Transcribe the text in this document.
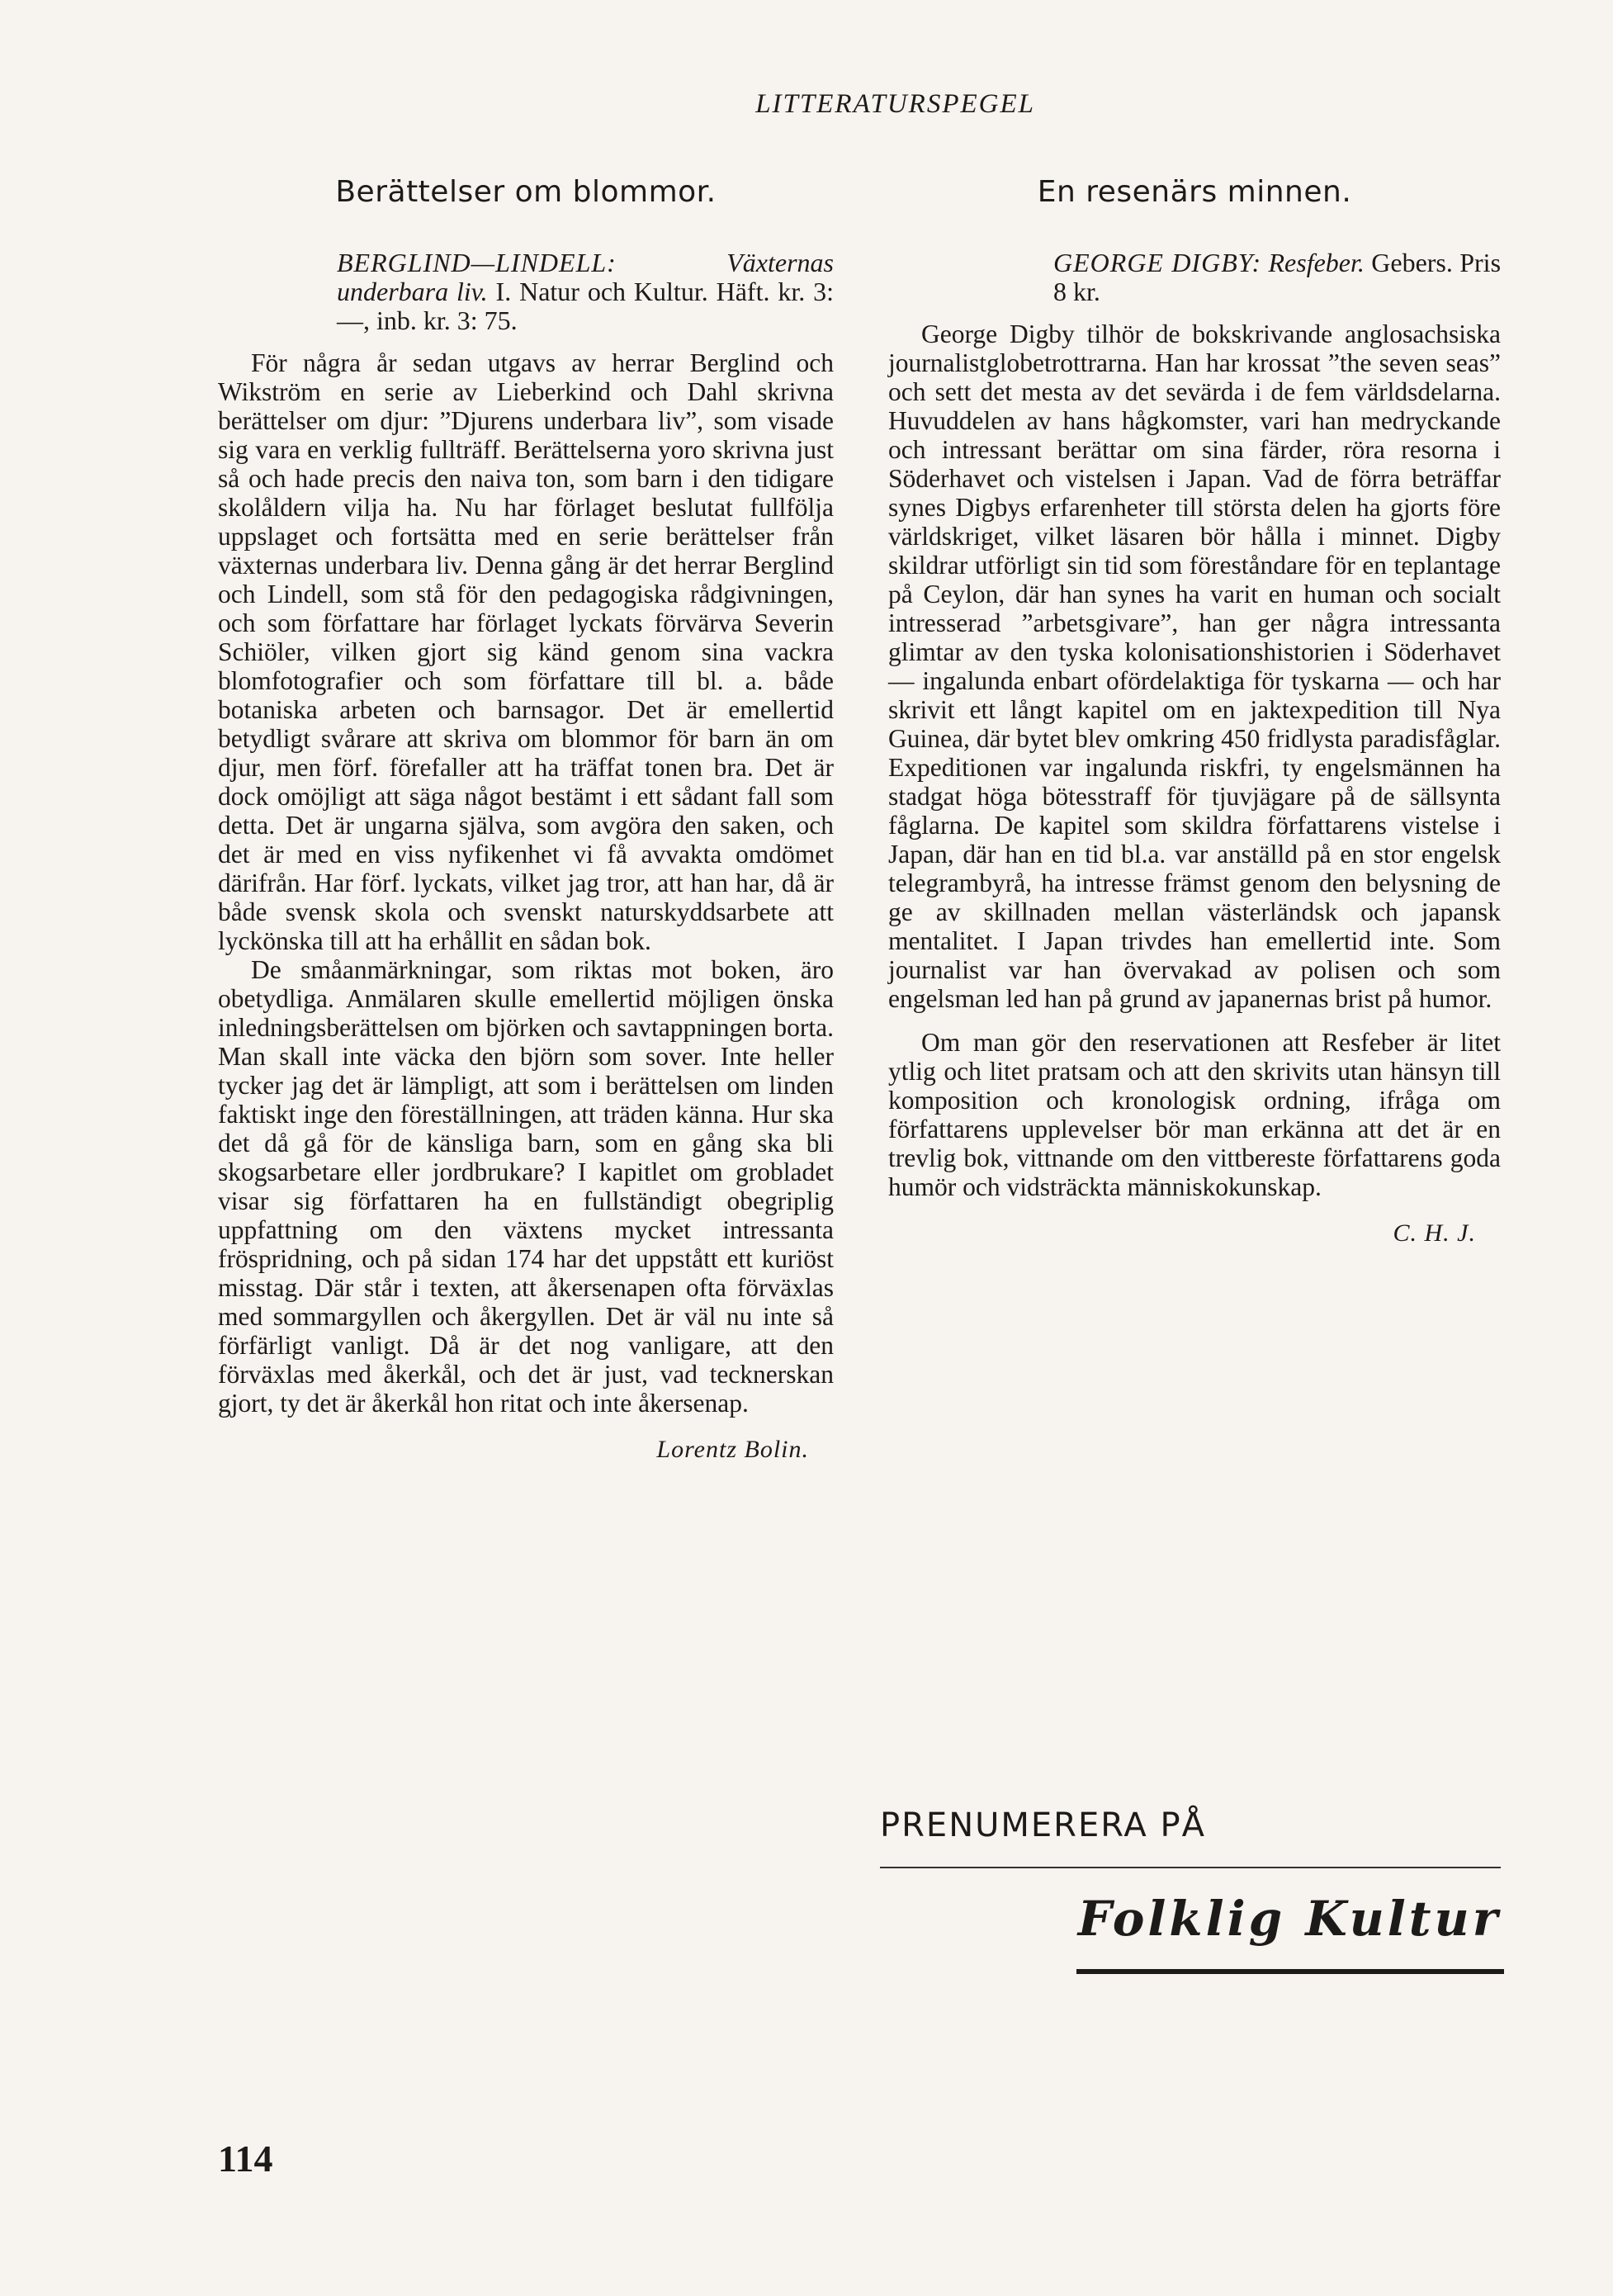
LITTERATURSPEGEL
Berättelser om blommor.
BERGLIND—LINDELL:	Växternas underbara liv. I. Natur och Kultur. Häft. kr. 3:—, inb. kr. 3: 75.

För några år sedan utgavs av herrar Berglind och Wikström en serie av Lieberkind och Dahl skrivna berättelser om djur: ”Djurens underbara liv”, som visade sig vara en verklig fullträff. Berättelserna yoro skrivna just så och hade precis den naiva ton, som barn i den tidigare skolåldern vilja ha. Nu har förlaget beslutat fullfölja uppslaget och fortsätta med en serie berättelser från växternas underbara liv. Denna gång är det herrar Berglind och Lindell, som stå för den pedagogiska rådgivningen, och som författare har förlaget lyckats förvärva Severin Schiöler, vilken gjort sig känd genom sina vackra blomfotografier och som författare till bl. a. både botaniska arbeten och barnsagor. Det är emellertid betydligt svårare att skriva om blommor för barn än om djur, men förf. förefaller att ha träffat tonen bra. Det är dock omöjligt att säga något bestämt i ett sådant fall som detta. Det är ungarna själva, som avgöra den saken, och det är med en viss nyfikenhet vi få avvakta omdömet därifrån. Har förf. lyckats, vilket jag tror, att han har, då är både svensk skola och svenskt naturskyddsarbete att lyckönska till att ha erhållit en sådan bok.

De småanmärkningar, som riktas mot boken, äro obetydliga. Anmälaren skulle emellertid möjligen önska inledningsberättelsen om björken och savtappningen borta. Man skall inte väcka den björn som sover. Inte heller tycker jag det är lämpligt, att som i berättelsen om linden faktiskt inge den föreställningen, att träden känna. Hur ska det då gå för de känsliga barn, som en gång ska bli skogsarbetare eller jordbrukare? I kapitlet om grobladet visar sig författaren ha en fullständigt obegriplig uppfattning om den växtens mycket intressanta fröspridning, och på sidan 174 har det uppstått ett kuriöst misstag. Där står i texten, att åkersenapen ofta förväxlas med sommargyllen och åkergyllen. Det är väl nu inte så förfärligt vanligt. Då är det nog vanligare, att den förväxlas med åkerkål, och det är just, vad tecknerskan gjort, ty det är åkerkål hon ritat och inte åkersenap.

Lorentz Bolin.
En resenärs minnen.
GEORGE DIGBY: Resfeber. Gebers. Pris 8 kr.

George Digby tilhör de bokskrivande anglosachsiska journalistglobetrottrarna. Han har krossat ”the seven seas” och sett det mesta av det sevärda i de fem världsdelarna. Huvuddelen av hans hågkomster, vari han medryckande och intressant berättar om sina färder, röra resorna i Söderhavet och vistelsen i Japan. Vad de förra beträffar synes Digbys erfarenheter till största delen ha gjorts före världskriget, vilket läsaren bör hålla i minnet. Digby skildrar utförligt sin tid som föreståndare för en teplantage på Ceylon, där han synes ha varit en human och socialt intresserad ”arbetsgivare”, han ger några intressanta glimtar av den tyska kolonisationshistorien i Söderhavet — ingalunda enbart ofördelaktiga för tyskarna — och har skrivit ett långt kapitel om en jaktexpedition till Nya Guinea, där bytet blev omkring 450 fridlysta paradisfåglar. Expeditionen var ingalunda riskfri, ty engelsmännen ha stadgat höga bötesstraff för tjuvjägare på de sällsynta fåglarna. De kapitel som skildra författarens vistelse i Japan, där han en tid bl.a. var anställd på en stor engelsk telegrambyrå, ha intresse främst genom den belysning de ge av skillnaden mellan västerländsk och japansk mentalitet. I Japan trivdes han emellertid inte. Som journalist var han övervakad av polisen och som engelsman led han på grund av japanernas brist på humor.

Om man gör den reservationen att Resfeber är litet ytlig och litet pratsam och att den skrivits utan hänsyn till komposition och kronologisk ordning, ifråga om författarens upplevelser bör man erkänna att det är en trevlig bok, vittnande om den vittbereste författarens goda humör och vidsträckta människokunskap.

C. H. J.
PRENUMERERA PÅ
Folklig Kultur
114
